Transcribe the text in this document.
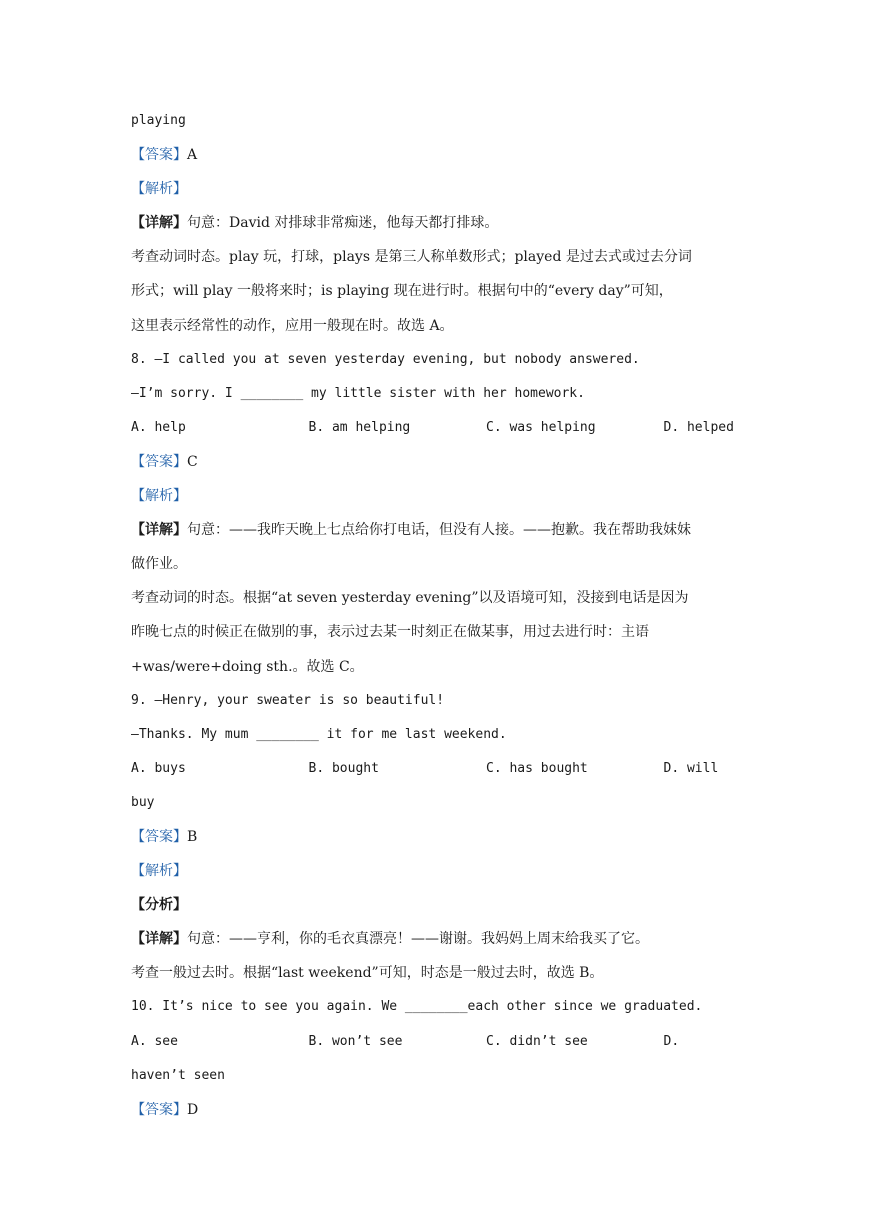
playing
【答案】A
【解析】
【详解】句意：David 对排球非常痴迷，他每天都打排球。
考查动词时态。play 玩，打球，plays 是第三人称单数形式；played 是过去式或过去分词
形式；will play 一般将来时；is playing 现在进行时。根据句中的“every day”可知，
这里表示经常性的动作，应用一般现在时。故选 A。
8. —I called you at seven yesterday evening, but nobody answered.
—I’m sorry. I ________ my little sister with her homework.
A. help	B. am helping	C. was helping	D. helped
【答案】C
【解析】
【详解】句意：——我昨天晚上七点给你打电话，但没有人接。——抱歉。我在帮助我妹妹
做作业。
考查动词的时态。根据“at seven yesterday evening”以及语境可知，没接到电话是因为
昨晚七点的时候正在做别的事，表示过去某一时刻正在做某事，用过去进行时：主语
+was/were+doing sth.。故选 C。
9. —Henry, your sweater is so beautiful!
—Thanks. My mum ________ it for me last weekend.
A. buys	B. bought	C. has bought	D. will
buy
【答案】B
【解析】
【分析】
【详解】句意：——亨利，你的毛衣真漂亮！——谢谢。我妈妈上周末给我买了它。
考查一般过去时。根据“last weekend”可知，时态是一般过去时，故选 B。
10. It’s nice to see you again. We ________each other since we graduated.
A. see	B. won’t see	C. didn’t see	D.
haven’t seen
【答案】D
